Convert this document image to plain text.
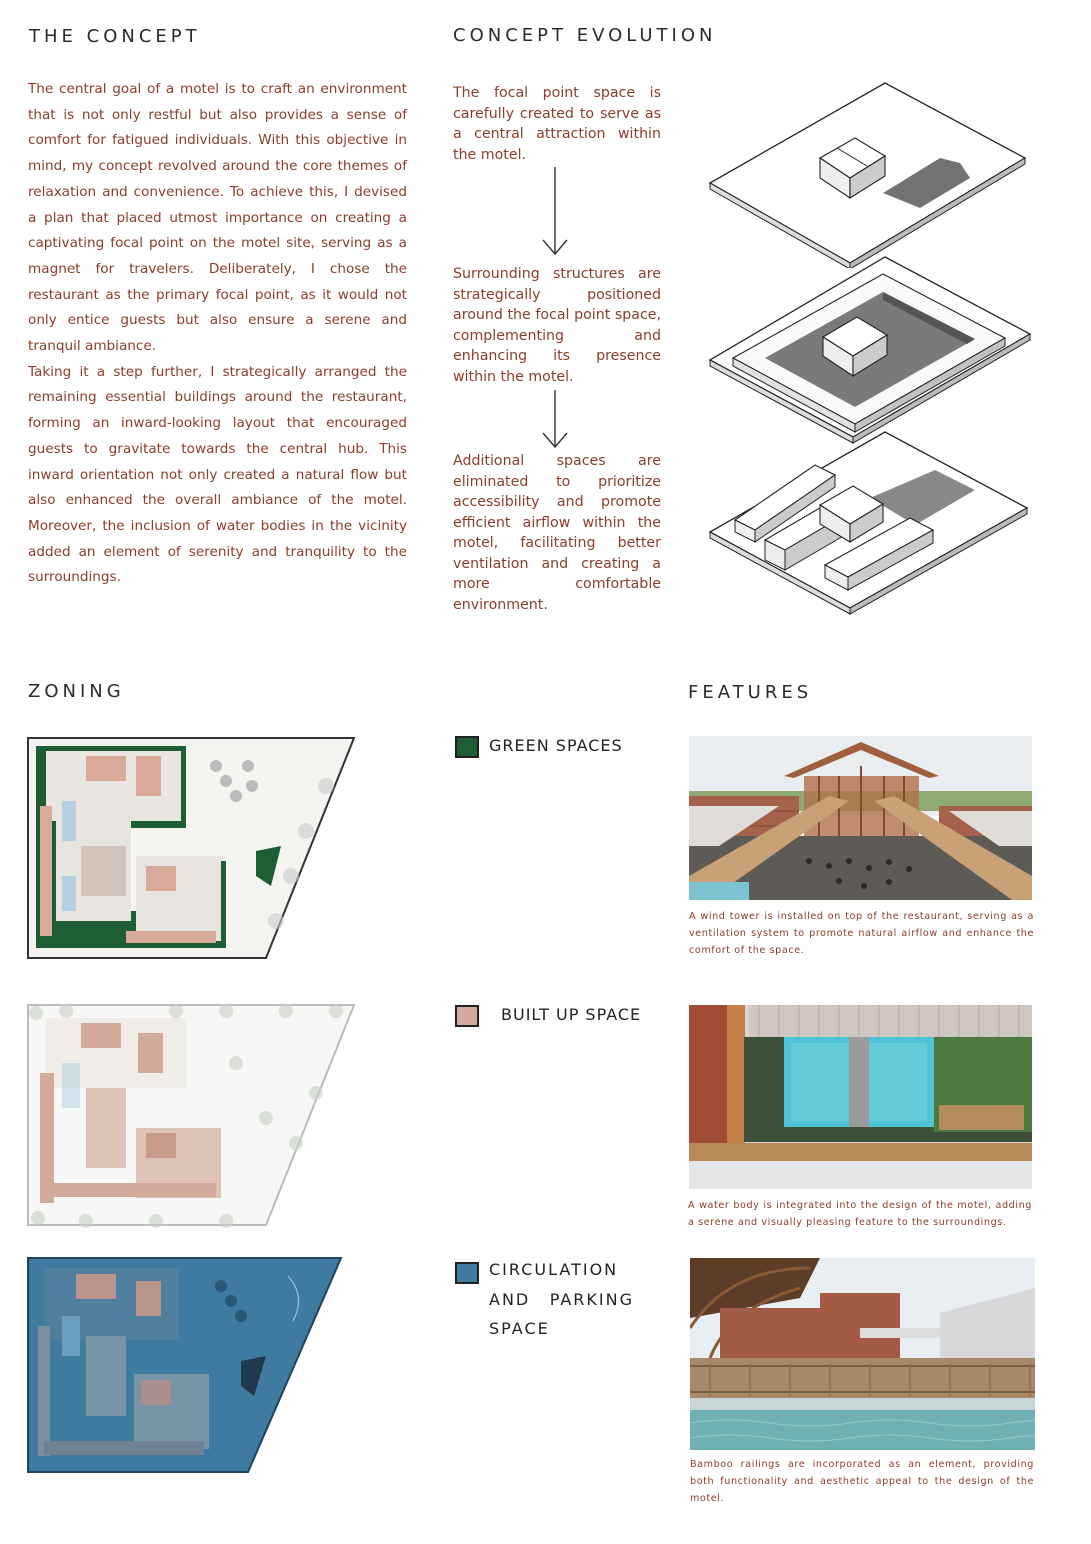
THE CONCEPT

The central goal of a motel is to craft an environment that is not only restful but also provides a sense of comfort for fatigued individuals. With this objective in mind, my concept revolved around the core themes of relaxation and convenience. To achieve this, I devised a plan that placed utmost importance on creating a captivating focal point on the motel site, serving as a magnet for travelers. Deliberately, I chose the restaurant as the primary focal point, as it would not only entice guests but also ensure a serene and tranquil ambiance.

Taking it a step further, I strategically arranged the remaining essential buildings around the restaurant, forming an inward-looking layout that encouraged guests to gravitate towards the central hub. This inward orientation not only created a natural flow but also enhanced the overall ambiance of the motel. Moreover, the inclusion of water bodies in the vicinity added an element of serenity and tranquility to the surroundings.

CONCEPT EVOLUTION
The focal point space is carefully created to serve as a central attraction within the motel.
Surrounding structures are strategically positioned around the focal point space, complementing and enhancing its presence within the motel.
Additional spaces are eliminated to prioritize accessibility and promote efficient airflow within the motel, facilitating better ventilation and creating a more comfortable environment.
ZONING
GREEN SPACES
BUILT UP SPACE
CIRCULATION AND PARKING SPACE
FEATURES
A wind tower is installed on top of the restaurant, serving as a ventilation system to promote natural airflow and enhance the comfort of the space.
A water body is integrated into the design of the motel, adding a serene and visually pleasing feature to the surroundings.
Bamboo railings are incorporated as an element, providing both functionality and aesthetic appeal to the design of the motel.
